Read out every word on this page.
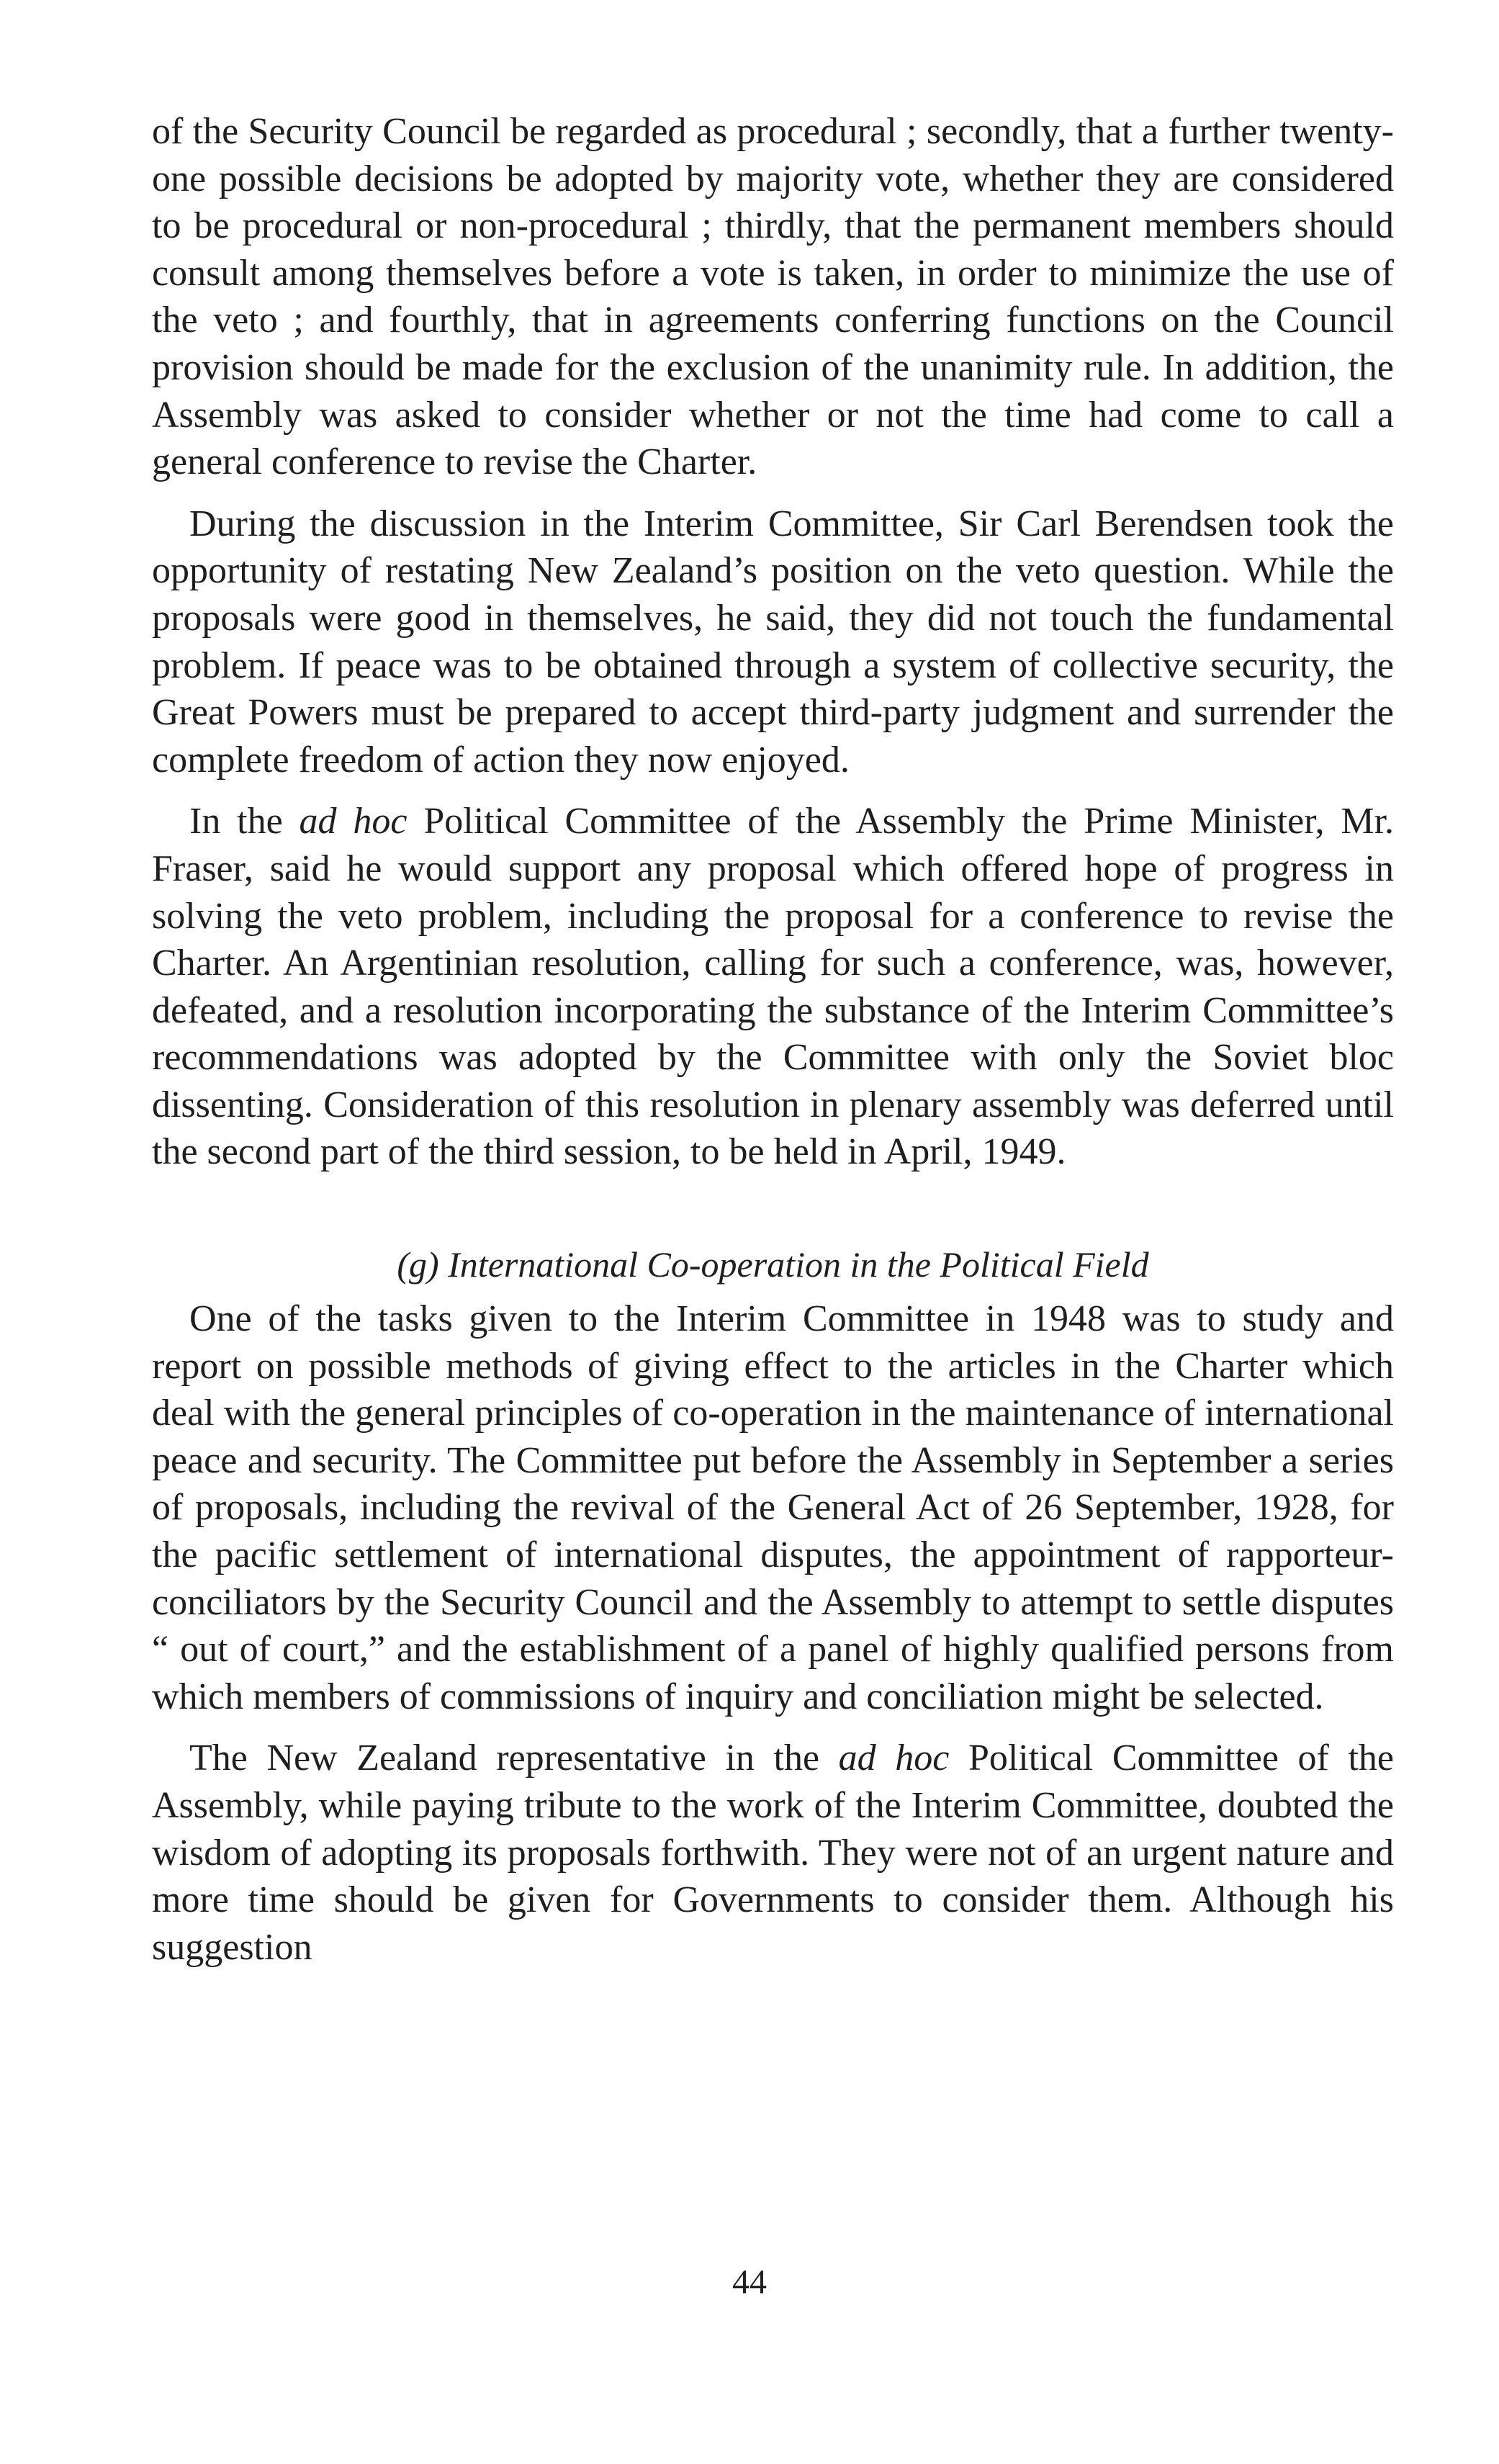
of the Security Council be regarded as procedural ; secondly, that a further twenty-one possible decisions be adopted by majority vote, whether they are considered to be procedural or non-procedural ; thirdly, that the permanent members should consult among themselves before a vote is taken, in order to minimize the use of the veto ; and fourthly, that in agreements conferring functions on the Council provision should be made for the exclusion of the unanimity rule. In addition, the Assembly was asked to consider whether or not the time had come to call a general conference to revise the Charter.

During the discussion in the Interim Committee, Sir Carl Berendsen took the opportunity of restating New Zealand’s position on the veto question. While the proposals were good in themselves, he said, they did not touch the fundamental problem. If peace was to be obtained through a system of collective security, the Great Powers must be prepared to accept third-party judgment and surrender the complete freedom of action they now enjoyed.

In the ad hoc Political Committee of the Assembly the Prime Minister, Mr. Fraser, said he would support any proposal which offered hope of progress in solving the veto problem, including the proposal for a conference to revise the Charter. An Argentinian resolution, calling for such a conference, was, however, defeated, and a resolution incorporating the substance of the Interim Committee’s recommendations was adopted by the Committee with only the Soviet bloc dissenting. Consideration of this resolution in plenary assembly was deferred until the second part of the third session, to be held in April, 1949.

(g) International Co-operation in the Political Field

One of the tasks given to the Interim Committee in 1948 was to study and report on possible methods of giving effect to the articles in the Charter which deal with the general principles of co-operation in the maintenance of international peace and security. The Committee put before the Assembly in September a series of proposals, including the revival of the General Act of 26 September, 1928, for the pacific settlement of international disputes, the appointment of rapporteur-conciliators by the Security Council and the Assembly to attempt to settle disputes “ out of court,” and the establishment of a panel of highly qualified persons from which members of commissions of inquiry and conciliation might be selected.

The New Zealand representative in the ad hoc Political Committee of the Assembly, while paying tribute to the work of the Interim Committee, doubted the wisdom of adopting its proposals forthwith. They were not of an urgent nature and more time should be given for Governments to consider them. Although his suggestion

44
